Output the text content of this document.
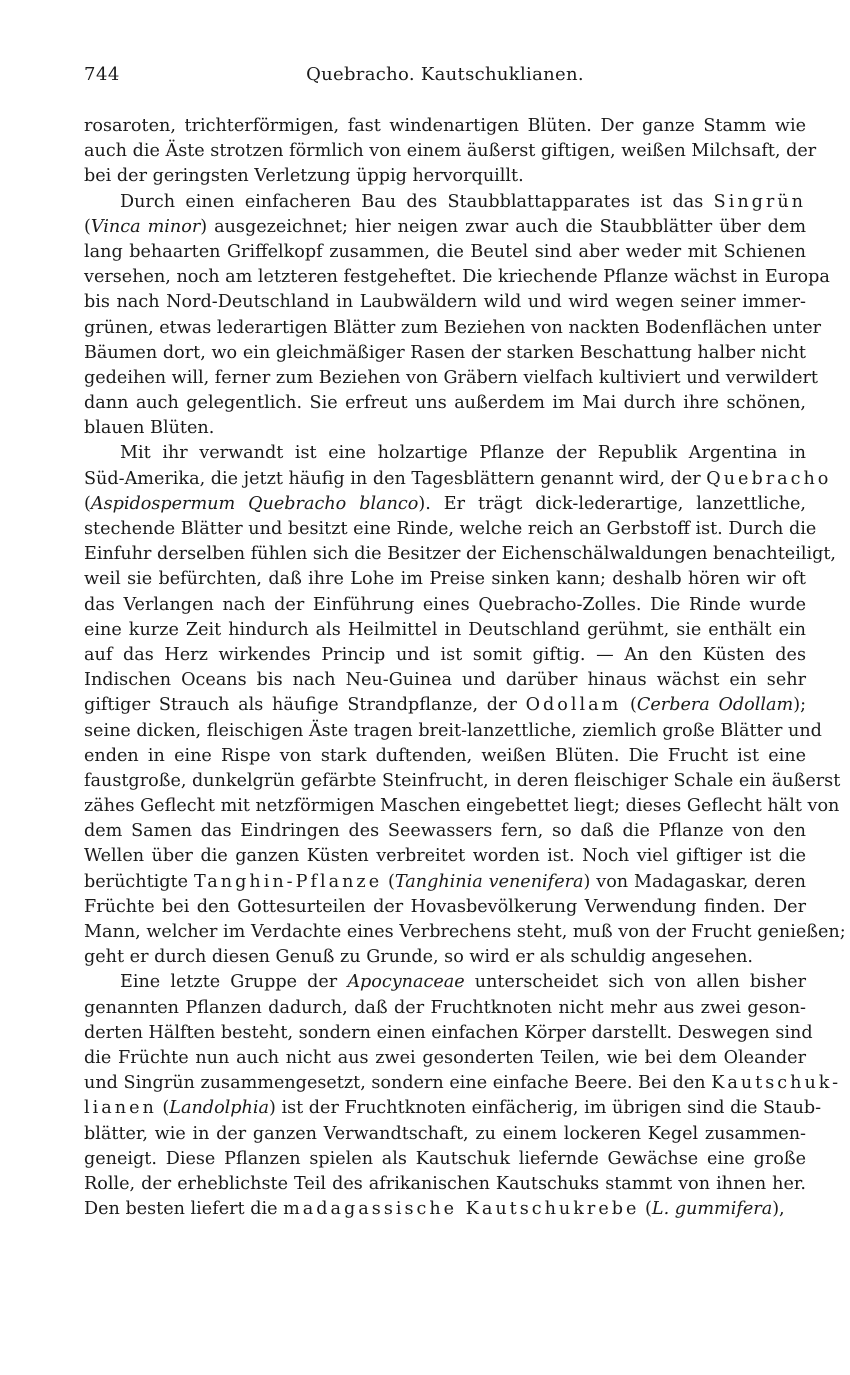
744	Quebracho. Kautschuklianen.
rosaroten, trichterförmigen, fast windenartigen Blüten. Der ganze Stamm wie
auch die Äste strotzen förmlich von einem äußerst giftigen, weißen Milchsaft, der
bei der geringsten Verletzung üppig hervorquillt.
Durch einen einfacheren Bau des Staubblattapparates ist das Singrün
(Vinca minor) ausgezeichnet; hier neigen zwar auch die Staubblätter über dem
lang behaarten Griffelkopf zusammen, die Beutel sind aber weder mit Schienen
versehen, noch am letzteren festgeheftet. Die kriechende Pflanze wächst in Europa
bis nach Nord-Deutschland in Laubwäldern wild und wird wegen seiner immer-
grünen, etwas lederartigen Blätter zum Beziehen von nackten Bodenflächen unter
Bäumen dort, wo ein gleichmäßiger Rasen der starken Beschattung halber nicht
gedeihen will, ferner zum Beziehen von Gräbern vielfach kultiviert und verwildert
dann auch gelegentlich. Sie erfreut uns außerdem im Mai durch ihre schönen,
blauen Blüten.
Mit ihr verwandt ist eine holzartige Pflanze der Republik Argentina in
Süd-Amerika, die jetzt häufig in den Tagesblättern genannt wird, der Quebracho
(Aspidospermum Quebracho blanco). Er trägt dick-lederartige, lanzettliche,
stechende Blätter und besitzt eine Rinde, welche reich an Gerbstoff ist. Durch die
Einfuhr derselben fühlen sich die Besitzer der Eichenschälwaldungen benachteiligt,
weil sie befürchten, daß ihre Lohe im Preise sinken kann; deshalb hören wir oft
das Verlangen nach der Einführung eines Quebracho-Zolles. Die Rinde wurde
eine kurze Zeit hindurch als Heilmittel in Deutschland gerühmt, sie enthält ein
auf das Herz wirkendes Princip und ist somit giftig. — An den Küsten des
Indischen Oceans bis nach Neu-Guinea und darüber hinaus wächst ein sehr
giftiger Strauch als häufige Strandpflanze, der Odollam (Cerbera Odollam);
seine dicken, fleischigen Äste tragen breit-lanzettliche, ziemlich große Blätter und
enden in eine Rispe von stark duftenden, weißen Blüten. Die Frucht ist eine
faustgroße, dunkelgrün gefärbte Steinfrucht, in deren fleischiger Schale ein äußerst
zähes Geflecht mit netzförmigen Maschen eingebettet liegt; dieses Geflecht hält von
dem Samen das Eindringen des Seewassers fern, so daß die Pflanze von den
Wellen über die ganzen Küsten verbreitet worden ist. Noch viel giftiger ist die
berüchtigte Tanghin-Pflanze (Tanghinia venenifera) von Madagaskar, deren
Früchte bei den Gottesurteilen der Hovasbevölkerung Verwendung finden. Der
Mann, welcher im Verdachte eines Verbrechens steht, muß von der Frucht genießen;
geht er durch diesen Genuß zu Grunde, so wird er als schuldig angesehen.
Eine letzte Gruppe der Apocynaceae unterscheidet sich von allen bisher
genannten Pflanzen dadurch, daß der Fruchtknoten nicht mehr aus zwei geson-
derten Hälften besteht, sondern einen einfachen Körper darstellt. Deswegen sind
die Früchte nun auch nicht aus zwei gesonderten Teilen, wie bei dem Oleander
und Singrün zusammengesetzt, sondern eine einfache Beere. Bei den Kautschuk-
lianen (Landolphia) ist der Fruchtknoten einfächerig, im übrigen sind die Staub-
blätter, wie in der ganzen Verwandtschaft, zu einem lockeren Kegel zusammen-
geneigt. Diese Pflanzen spielen als Kautschuk liefernde Gewächse eine große
Rolle, der erheblichste Teil des afrikanischen Kautschuks stammt von ihnen her.
Den besten liefert die madagassische Kautschukrebe (L. gummifera),
